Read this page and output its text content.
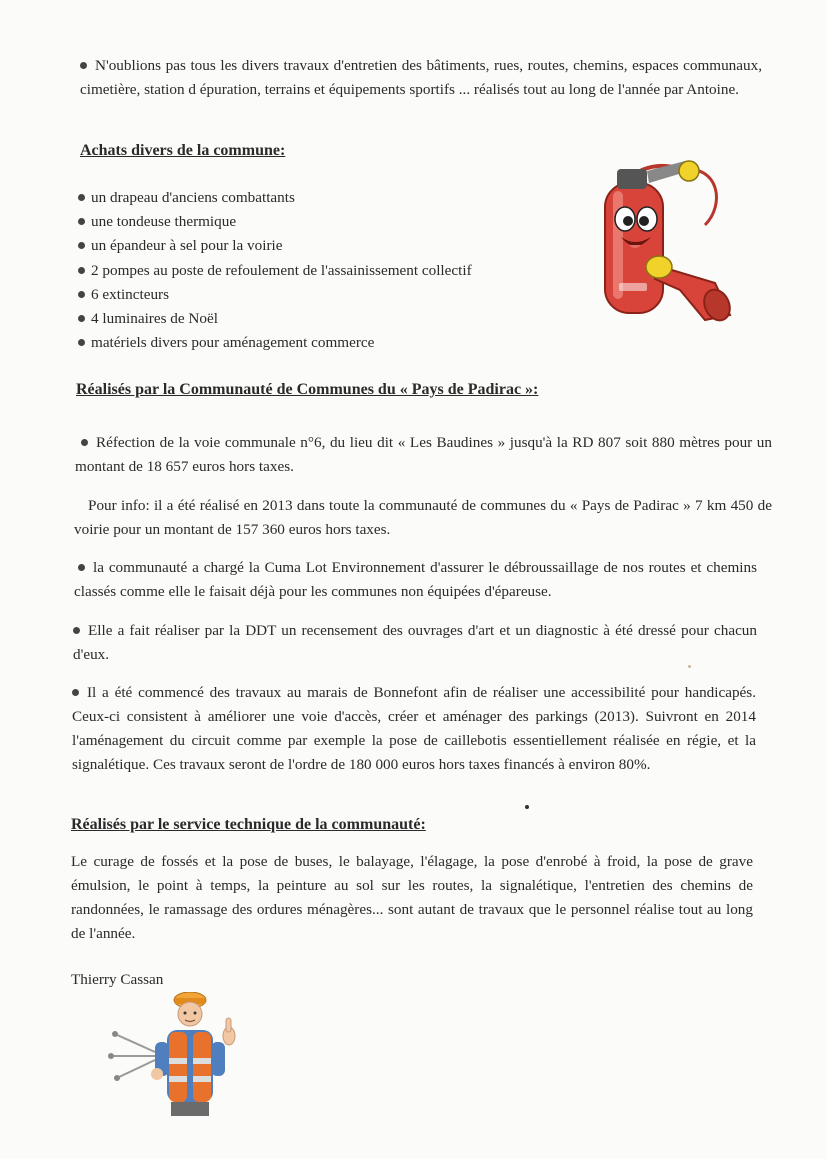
N'oublions pas tous les divers travaux d'entretien des bâtiments, rues, routes, chemins, espaces communaux, cimetière, station d épuration, terrains et équipements sportifs ... réalisés tout au long de l'année par Antoine.

Achats divers de la commune:
un drapeau d'anciens combattants
une tondeuse thermique
un épandeur à sel pour la voirie
2 pompes au poste de refoulement de l'assainissement collectif
6 extincteurs
4 luminaires de Noël
matériels divers pour aménagement commerce
Réalisés par la Communauté de Communes du « Pays de Padirac »:

Réfection de la voie communale n°6, du lieu dit « Les Baudines » jusqu'à la RD 807 soit 880 mètres pour un montant de 18 657 euros hors taxes.

Pour info: il a été réalisé en 2013 dans toute la communauté de communes du « Pays de Padirac » 7 km 450 de voirie pour un montant de 157 360 euros hors taxes.

la communauté a chargé la Cuma Lot Environnement d'assurer le débroussaillage de nos routes et chemins classés comme elle le faisait déjà pour les communes non équipées d'épareuse.

Elle a fait réaliser par la DDT un recensement des ouvrages d'art et un diagnostic à été dressé pour chacun d'eux.

Il a été commencé des travaux au marais de Bonnefont afin de réaliser une accessibilité pour handicapés. Ceux-ci consistent à améliorer une voie d'accès, créer et aménager des parkings (2013). Suivront en 2014 l'aménagement du circuit comme par exemple la pose de caillebotis essentiellement réalisée en régie, et la signalétique. Ces travaux seront de l'ordre de 180 000 euros hors taxes financés à environ 80%.

Réalisés par le service technique de la communauté:

Le curage de fossés et la pose de buses, le balayage, l'élagage, la pose d'enrobé à froid, la pose de grave émulsion, le point à temps, la peinture au sol sur les routes, la signalétique, l'entretien des chemins de randonnées, le ramassage des ordures ménagères... sont autant de travaux que le personnel réalise tout au long de l'année.

Thierry Cassan
